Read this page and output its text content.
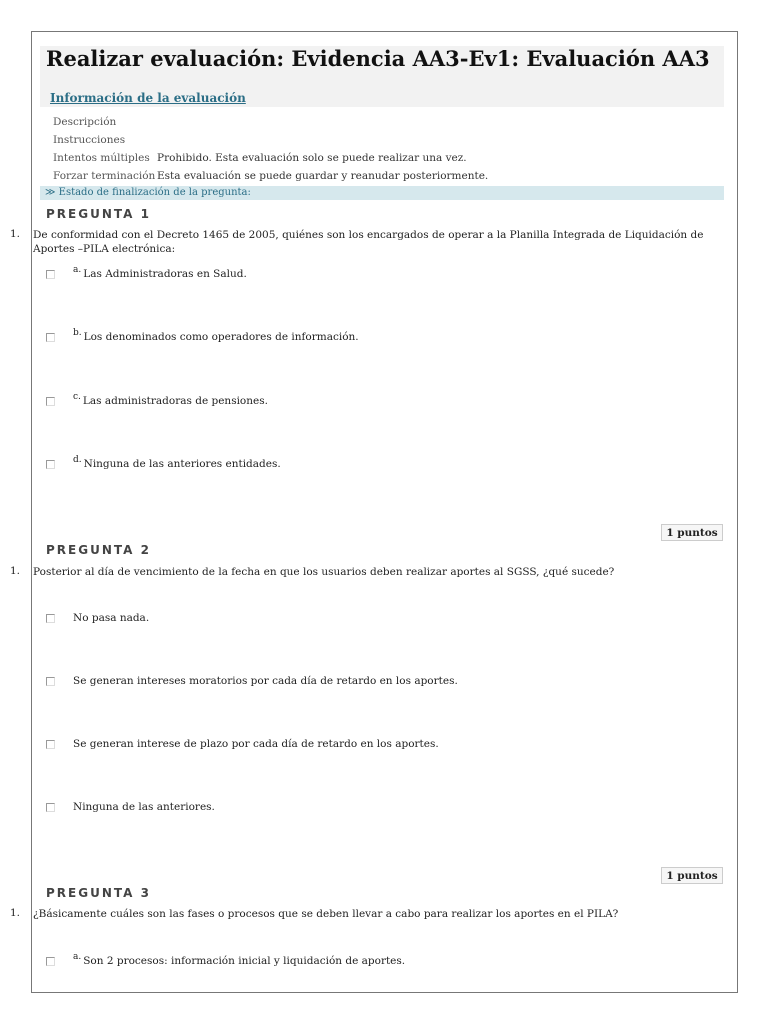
Realizar evaluación: Evidencia AA3-Ev1: Evaluación AA3
Información de la evaluación
Descripción
Instrucciones
Intentos múltiples Prohibido. Esta evaluación solo se puede realizar una vez.
Forzar terminación Esta evaluación se puede guardar y reanudar posteriormente.
≫ Estado de finalización de la pregunta:
PREGUNTA 1
1. De conformidad con el Decreto 1465 de 2005, quiénes son los encargados de operar a la Planilla Integrada de Liquidación de Aportes –PILA electrónica:
a. Las Administradoras en Salud.
b. Los denominados como operadores de información.
c. Las administradoras de pensiones.
d. Ninguna de las anteriores entidades.
1 puntos
PREGUNTA 2
1. Posterior al día de vencimiento de la fecha en que los usuarios deben realizar aportes al SGSS, ¿qué sucede?
No pasa nada.
Se generan intereses moratorios por cada día de retardo en los aportes.
Se generan interese de plazo por cada día de retardo en los aportes.
Ninguna de las anteriores.
1 puntos
PREGUNTA 3
1. ¿Básicamente cuáles son las fases o procesos que se deben llevar a cabo para realizar los aportes en el PILA?
a. Son 2 procesos: información inicial y liquidación de aportes.
